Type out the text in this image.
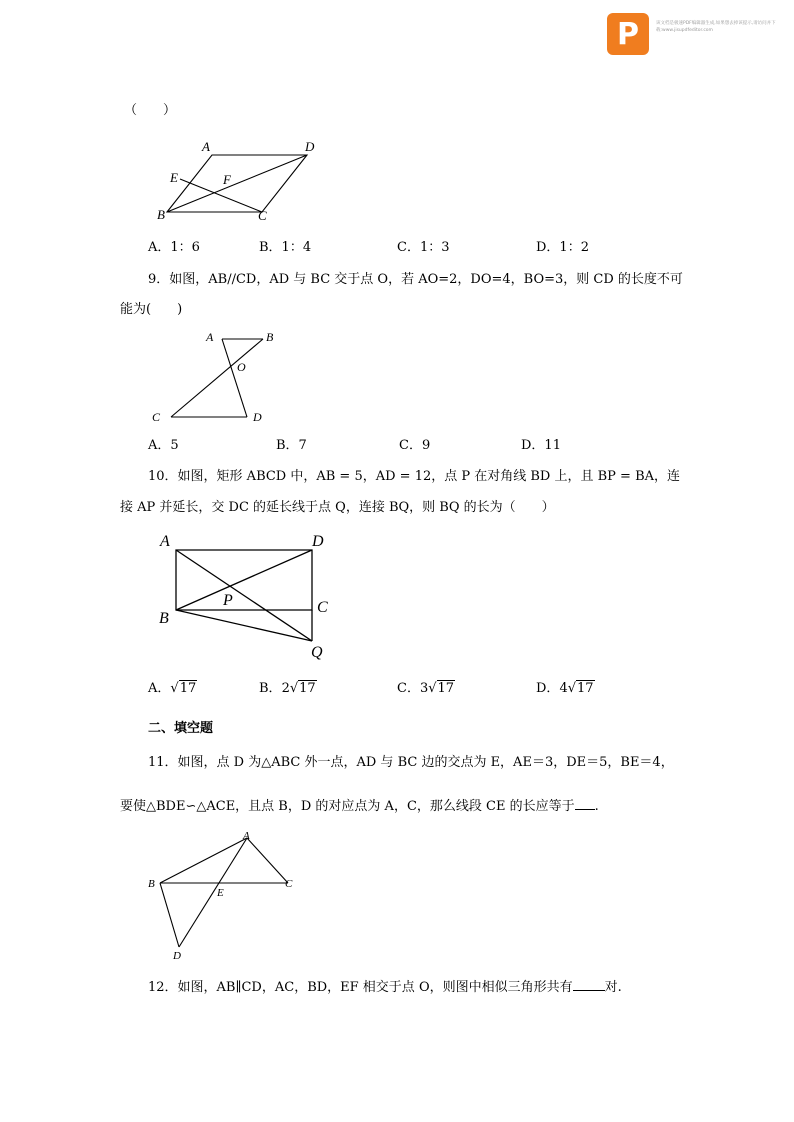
P	该文档是极速PDF编辑器生成,如果想去掉该提示,请访问并下载:www.jisupdfeditor.com
（　　）
A	D
E	F
B	C
A．1：6	B．1：4	C．1：3	D．1：2
9．如图，AB//CD，AD 与 BC 交于点 O，若 AO=2，DO=4，BO=3，则 CD 的长度不可
能为(　　)
A	B
O
C	D
A．5	B．7	C．9	D．11
10．如图，矩形 ABCD 中，AB = 5，AD = 12，点 P 在对角线 BD 上，且 BP = BA，连
接 AP 并延长，交 DC 的延长线于点 Q，连接 BQ，则 BQ 的长为（　　）
A	D
P	C
B
Q
A．√17	B．2√17	C．3√17	D．4√17
二、填空题
11．如图，点 D 为△ABC 外一点，AD 与 BC 边的交点为 E，AE＝3，DE＝5，BE＝4，
要使△BDE∽△ACE，且点 B，D 的对应点为 A，C，那么线段 CE 的长应等于 .
A
B
E
C
D
12．如图，AB∥CD，AC，BD，EF 相交于点 O，则图中相似三角形共有 对.
